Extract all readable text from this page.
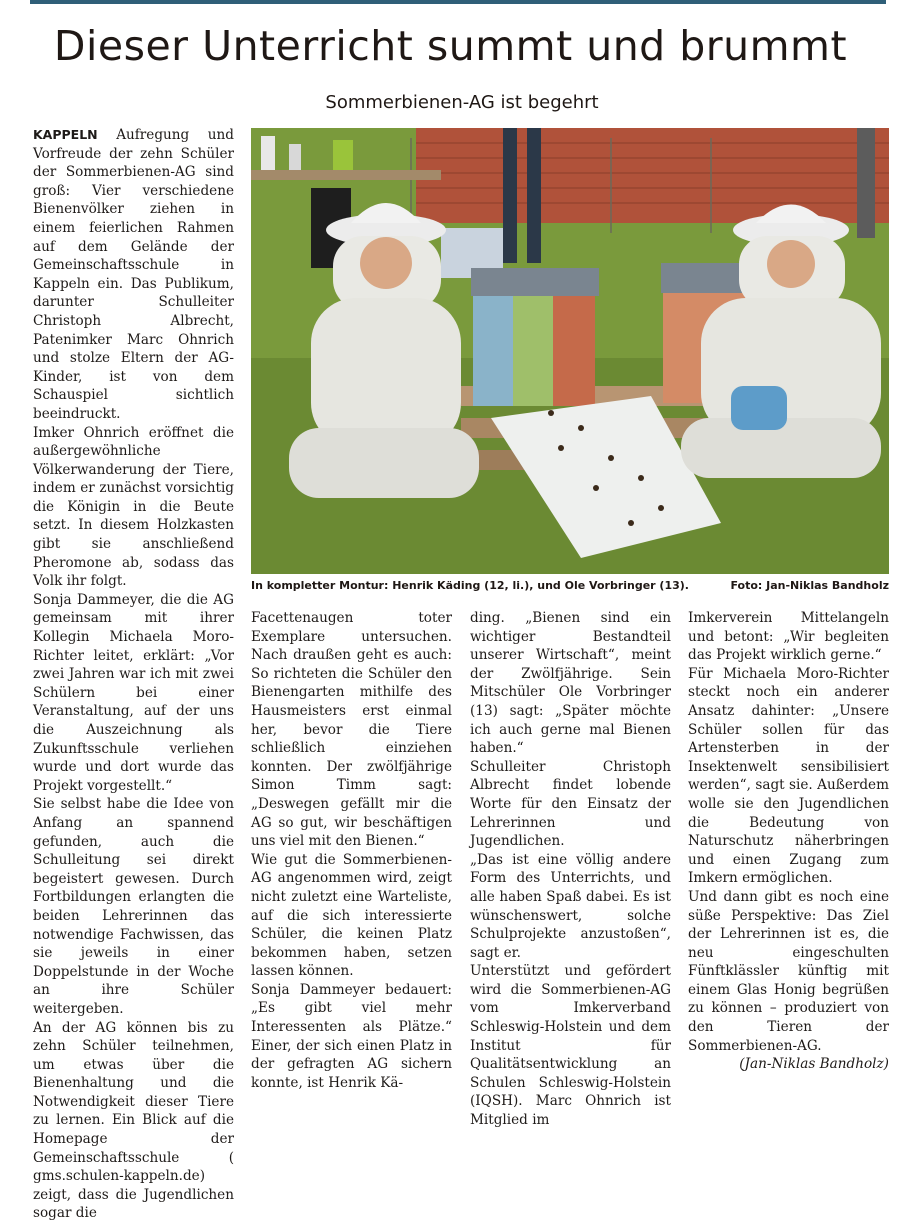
Dieser Unterricht summt und brummt
Sommerbienen-AG ist begehrt

KAPPELN Aufregung und Vorfreude der zehn Schüler der Sommerbienen-AG sind groß: Vier verschiedene Bienenvölker ziehen in einem feierlichen Rahmen auf dem Gelände der Gemeinschaftsschule in Kappeln ein. Das Publikum, darunter Schulleiter Christoph Albrecht, Patenimker Marc Ohnrich und stolze Eltern der AG-Kinder, ist von dem Schauspiel sichtlich beeindruckt.

Imker Ohnrich eröffnet die außergewöhnliche Völkerwanderung der Tiere, indem er zunächst vorsichtig die Königin in die Beute setzt. In diesem Holzkasten gibt sie anschließend Pheromone ab, sodass das Volk ihr folgt.

Sonja Dammeyer, die die AG gemeinsam mit ihrer Kollegin Michaela Moro-Richter leitet, erklärt: „Vor zwei Jahren war ich mit zwei Schülern bei einer Veranstaltung, auf der uns die Auszeichnung als Zukunftsschule verliehen wurde und dort wurde das Projekt vorgestellt.“

Sie selbst habe die Idee von Anfang an spannend gefunden, auch die Schulleitung sei direkt begeistert gewesen. Durch Fortbildungen erlangten die beiden Lehrerinnen das notwendige Fachwissen, das sie jeweils in einer Doppelstunde in der Woche an ihre Schüler weitergeben.

An der AG können bis zu zehn Schüler teilnehmen, um etwas über die Bienenhaltung und die Notwendigkeit dieser Tiere zu lernen. Ein Blick auf die Homepage der Gemeinschaftsschule ( gms.schulen-kappeln.de) zeigt, dass die Jugendlichen sogar die

In kompletter Montur: Henrik Käding (12, li.), und Ole Vorbringer (13).	Foto: Jan-Niklas Bandholz

Facettenaugen toter Exemplare untersuchen. Nach draußen geht es auch: So richteten die Schüler den Bienengarten mithilfe des Hausmeisters erst einmal her, bevor die Tiere schließlich einziehen konnten. Der zwölfjährige Simon Timm sagt: „Deswegen gefällt mir die AG so gut, wir beschäftigen uns viel mit den Bienen.“

Wie gut die Sommerbienen-AG angenommen wird, zeigt nicht zuletzt eine Warteliste, auf die sich interessierte Schüler, die keinen Platz bekommen haben, setzen lassen können.

Sonja Dammeyer bedauert: „Es gibt viel mehr Interessenten als Plätze.“ Einer, der sich einen Platz in der gefragten AG sichern konnte, ist Henrik Kä-

ding. „Bienen sind ein wichtiger Bestandteil unserer Wirtschaft“, meint der Zwölfjährige. Sein Mitschüler Ole Vorbringer (13) sagt: „Später möchte ich auch gerne mal Bienen haben.“

Schulleiter Christoph Albrecht findet lobende Worte für den Einsatz der Lehrerinnen und Jugendlichen.

„Das ist eine völlig andere Form des Unterrichts, und alle haben Spaß dabei. Es ist wünschenswert, solche Schulprojekte anzustoßen“, sagt er.

Unterstützt und gefördert wird die Sommerbienen-AG vom Imkerverband Schleswig-Holstein und dem Institut für Qualitätsentwicklung an Schulen Schleswig-Holstein (IQSH). Marc Ohnrich ist Mitglied im

Imkerverein Mittelangeln und betont: „Wir begleiten das Projekt wirklich gerne.“

Für Michaela Moro-Richter steckt noch ein anderer Ansatz dahinter: „Unsere Schüler sollen für das Artensterben in der Insektenwelt sensibilisiert werden“, sagt sie. Außerdem wolle sie den Jugendlichen die Bedeutung von Naturschutz näherbringen und einen Zugang zum Imkern ermöglichen.

Und dann gibt es noch eine süße Perspektive: Das Ziel der Lehrerinnen ist es, die neu eingeschulten Fünftklässler künftig mit einem Glas Honig begrüßen zu können – produziert von den Tieren der Sommerbienen-AG.

(Jan-Niklas Bandholz)
